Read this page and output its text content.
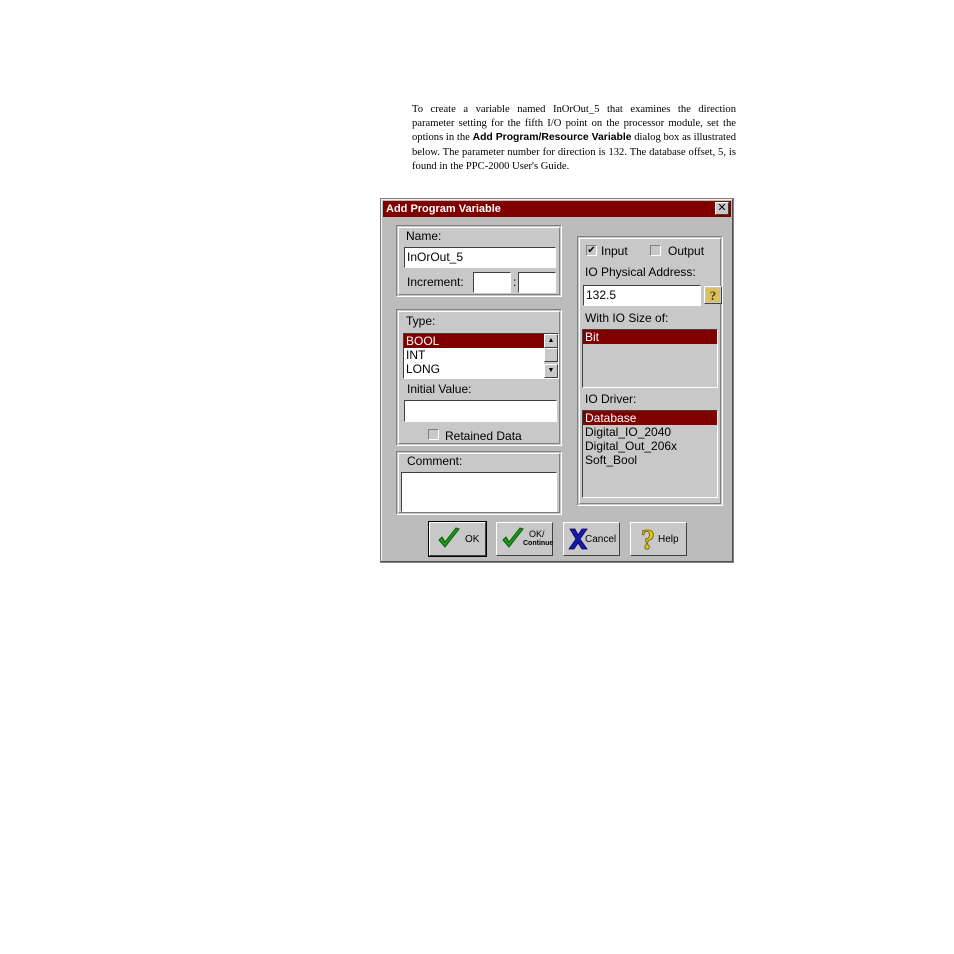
To create a variable named InOrOut_5 that examines the direction parameter setting for the fifth I/O point on the processor module, set the options in the Add Program/Resource Variable dialog box as illustrated below. The parameter number for direction is 132. The database offset, 5, is found in the PPC-2000 User's Guide.
Add Program Variable	✕
Name:
InOrOut_5
Increment:	:
Type:
BOOL
INT
LONG
▲
▼
Initial Value:
Retained Data
Comment:
✔ Input	Output
IO Physical Address:
132.5	?
With IO Size of:
Bit
IO Driver:
Database
Digital_IO_2040
Digital_Out_206x
Soft_Bool
OK	OK/
Continue	Cancel ? Help
